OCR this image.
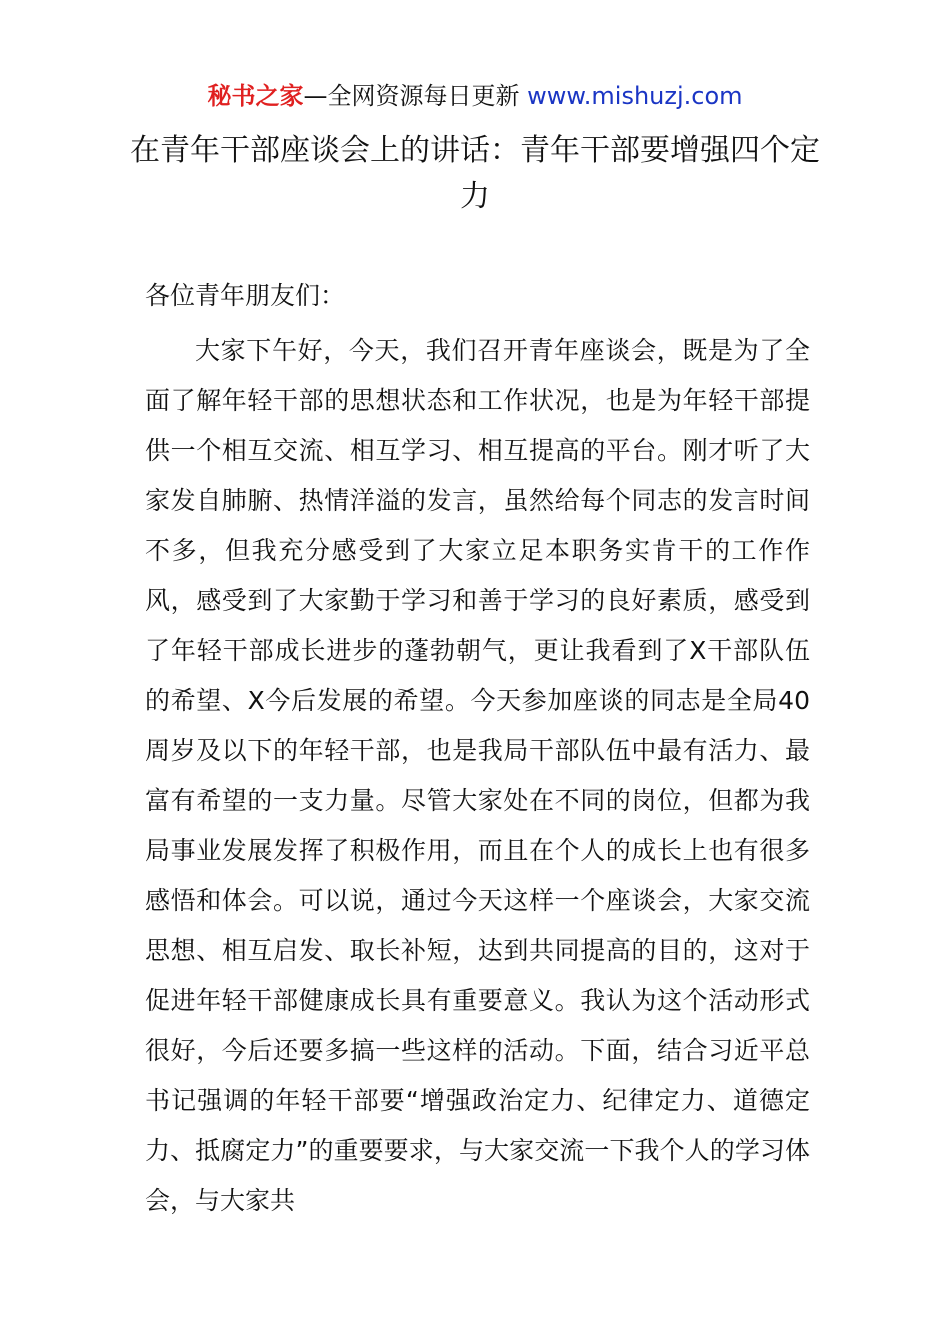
秘书之家—全网资源每日更新 www.mishuzj.com
在青年干部座谈会上的讲话：青年干部要增强四个定力

各位青年朋友们：

大家下午好，今天，我们召开青年座谈会，既是为了全面了解年轻干部的思想状态和工作状况，也是为年轻干部提供一个相互交流、相互学习、相互提高的平台。刚才听了大家发自肺腑、热情洋溢的发言，虽然给每个同志的发言时间不多，但我充分感受到了大家立足本职务实肯干的工作作风，感受到了大家勤于学习和善于学习的良好素质，感受到了年轻干部成长进步的蓬勃朝气，更让我看到了X干部队伍的希望、X今后发展的希望。今天参加座谈的同志是全局40周岁及以下的年轻干部，也是我局干部队伍中最有活力、最富有希望的一支力量。尽管大家处在不同的岗位，但都为我局事业发展发挥了积极作用，而且在个人的成长上也有很多感悟和体会。可以说，通过今天这样一个座谈会，大家交流思想、相互启发、取长补短，达到共同提高的目的，这对于促进年轻干部健康成长具有重要意义。我认为这个活动形式很好，今后还要多搞一些这样的活动。下面，结合习近平总书记强调的年轻干部要“增强政治定力、纪律定力、道德定力、抵腐定力”的重要要求，与大家交流一下我个人的学习体会，与大家共
